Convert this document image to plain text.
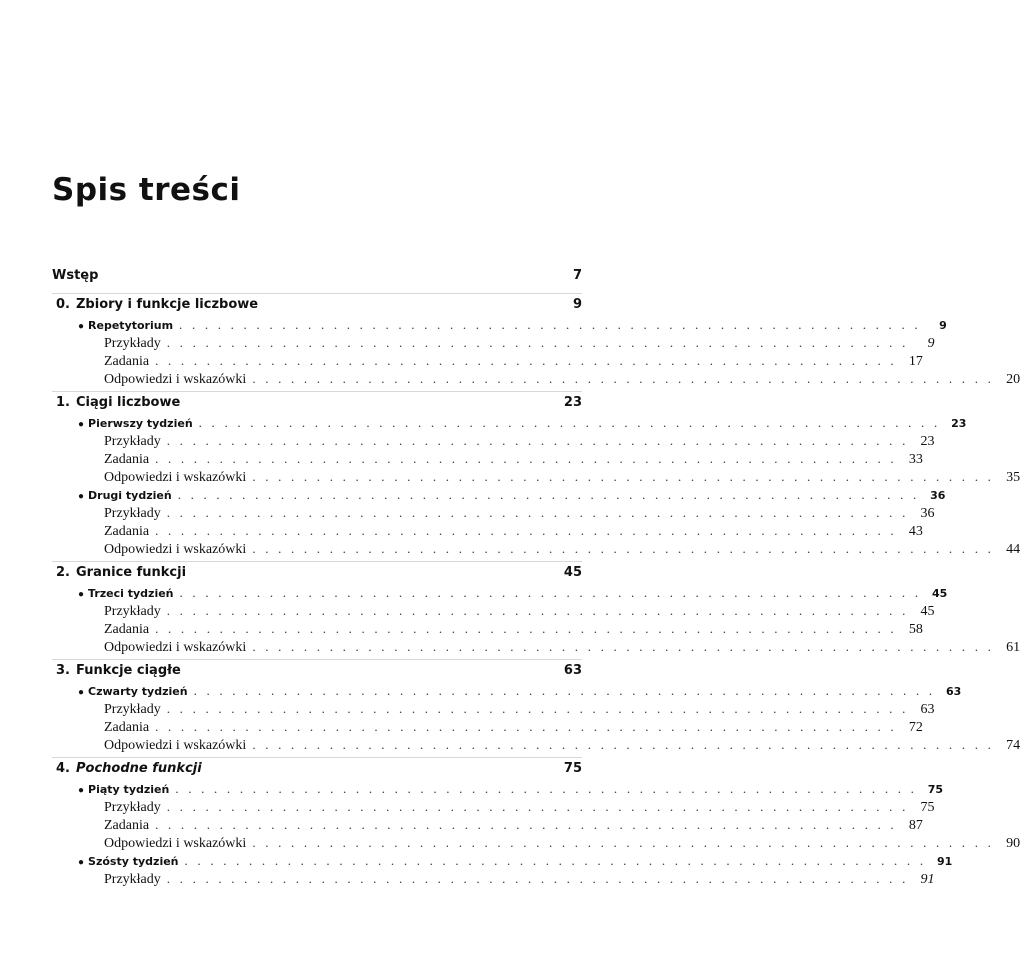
Spis treści
Wstęp	7
0. Zbiory i funkcje liczbowe	9
● Repetytorium . . . . . . . . . . . . . . . . . . . . . . . . . . . . . . . . . . . . . . . . . . . . . . . . . . . . . . . . . .	9
Przykłady . . . . . . . . . . . . . . . . . . . . . . . . . . . . . . . . . . . . . . . . . . . . . . . . . . . . . . . . . .	9
Zadania . . . . . . . . . . . . . . . . . . . . . . . . . . . . . . . . . . . . . . . . . . . . . . . . . . . . . . . . . . 17
Odpowiedzi i wskazówki . . . . . . . . . . . . . . . . . . . . . . . . . . . . . . . . . . . . . . . . . . . . . . . . . . . . . . . . . . 20
1. Ciągi liczbowe	23
● Pierwszy tydzień . . . . . . . . . . . . . . . . . . . . . . . . . . . . . . . . . . . . . . . . . . . . . . . . . . . . . . . . . . 23
Przykłady . . . . . . . . . . . . . . . . . . . . . . . . . . . . . . . . . . . . . . . . . . . . . . . . . . . . . . . . . . 23
Zadania . . . . . . . . . . . . . . . . . . . . . . . . . . . . . . . . . . . . . . . . . . . . . . . . . . . . . . . . . . 33
Odpowiedzi i wskazówki . . . . . . . . . . . . . . . . . . . . . . . . . . . . . . . . . . . . . . . . . . . . . . . . . . . . . . . . . . 35
● Drugi tydzień . . . . . . . . . . . . . . . . . . . . . . . . . . . . . . . . . . . . . . . . . . . . . . . . . . . . . . . . . . 36
Przykłady . . . . . . . . . . . . . . . . . . . . . . . . . . . . . . . . . . . . . . . . . . . . . . . . . . . . . . . . . . 36
Zadania . . . . . . . . . . . . . . . . . . . . . . . . . . . . . . . . . . . . . . . . . . . . . . . . . . . . . . . . . . 43
Odpowiedzi i wskazówki . . . . . . . . . . . . . . . . . . . . . . . . . . . . . . . . . . . . . . . . . . . . . . . . . . . . . . . . . . 44
2. Granice funkcji	45
● Trzeci tydzień . . . . . . . . . . . . . . . . . . . . . . . . . . . . . . . . . . . . . . . . . . . . . . . . . . . . . . . . . . 45
Przykłady . . . . . . . . . . . . . . . . . . . . . . . . . . . . . . . . . . . . . . . . . . . . . . . . . . . . . . . . . . 45
Zadania . . . . . . . . . . . . . . . . . . . . . . . . . . . . . . . . . . . . . . . . . . . . . . . . . . . . . . . . . . 58
Odpowiedzi i wskazówki . . . . . . . . . . . . . . . . . . . . . . . . . . . . . . . . . . . . . . . . . . . . . . . . . . . . . . . . . . 61
3. Funkcje ciągłe	63
● Czwarty tydzień . . . . . . . . . . . . . . . . . . . . . . . . . . . . . . . . . . . . . . . . . . . . . . . . . . . . . . . . . . 63
Przykłady . . . . . . . . . . . . . . . . . . . . . . . . . . . . . . . . . . . . . . . . . . . . . . . . . . . . . . . . . . 63
Zadania . . . . . . . . . . . . . . . . . . . . . . . . . . . . . . . . . . . . . . . . . . . . . . . . . . . . . . . . . . 72
Odpowiedzi i wskazówki . . . . . . . . . . . . . . . . . . . . . . . . . . . . . . . . . . . . . . . . . . . . . . . . . . . . . . . . . . 74
4. Pochodne funkcji	75
● Piąty tydzień . . . . . . . . . . . . . . . . . . . . . . . . . . . . . . . . . . . . . . . . . . . . . . . . . . . . . . . . . . 75
Przykłady . . . . . . . . . . . . . . . . . . . . . . . . . . . . . . . . . . . . . . . . . . . . . . . . . . . . . . . . . . 75
Zadania . . . . . . . . . . . . . . . . . . . . . . . . . . . . . . . . . . . . . . . . . . . . . . . . . . . . . . . . . . 87
Odpowiedzi i wskazówki . . . . . . . . . . . . . . . . . . . . . . . . . . . . . . . . . . . . . . . . . . . . . . . . . . . . . . . . . . 90
● Szósty tydzień . . . . . . . . . . . . . . . . . . . . . . . . . . . . . . . . . . . . . . . . . . . . . . . . . . . . . . . . . . 91
Przykłady . . . . . . . . . . . . . . . . . . . . . . . . . . . . . . . . . . . . . . . . . . . . . . . . . . . . . . . . . . 91
